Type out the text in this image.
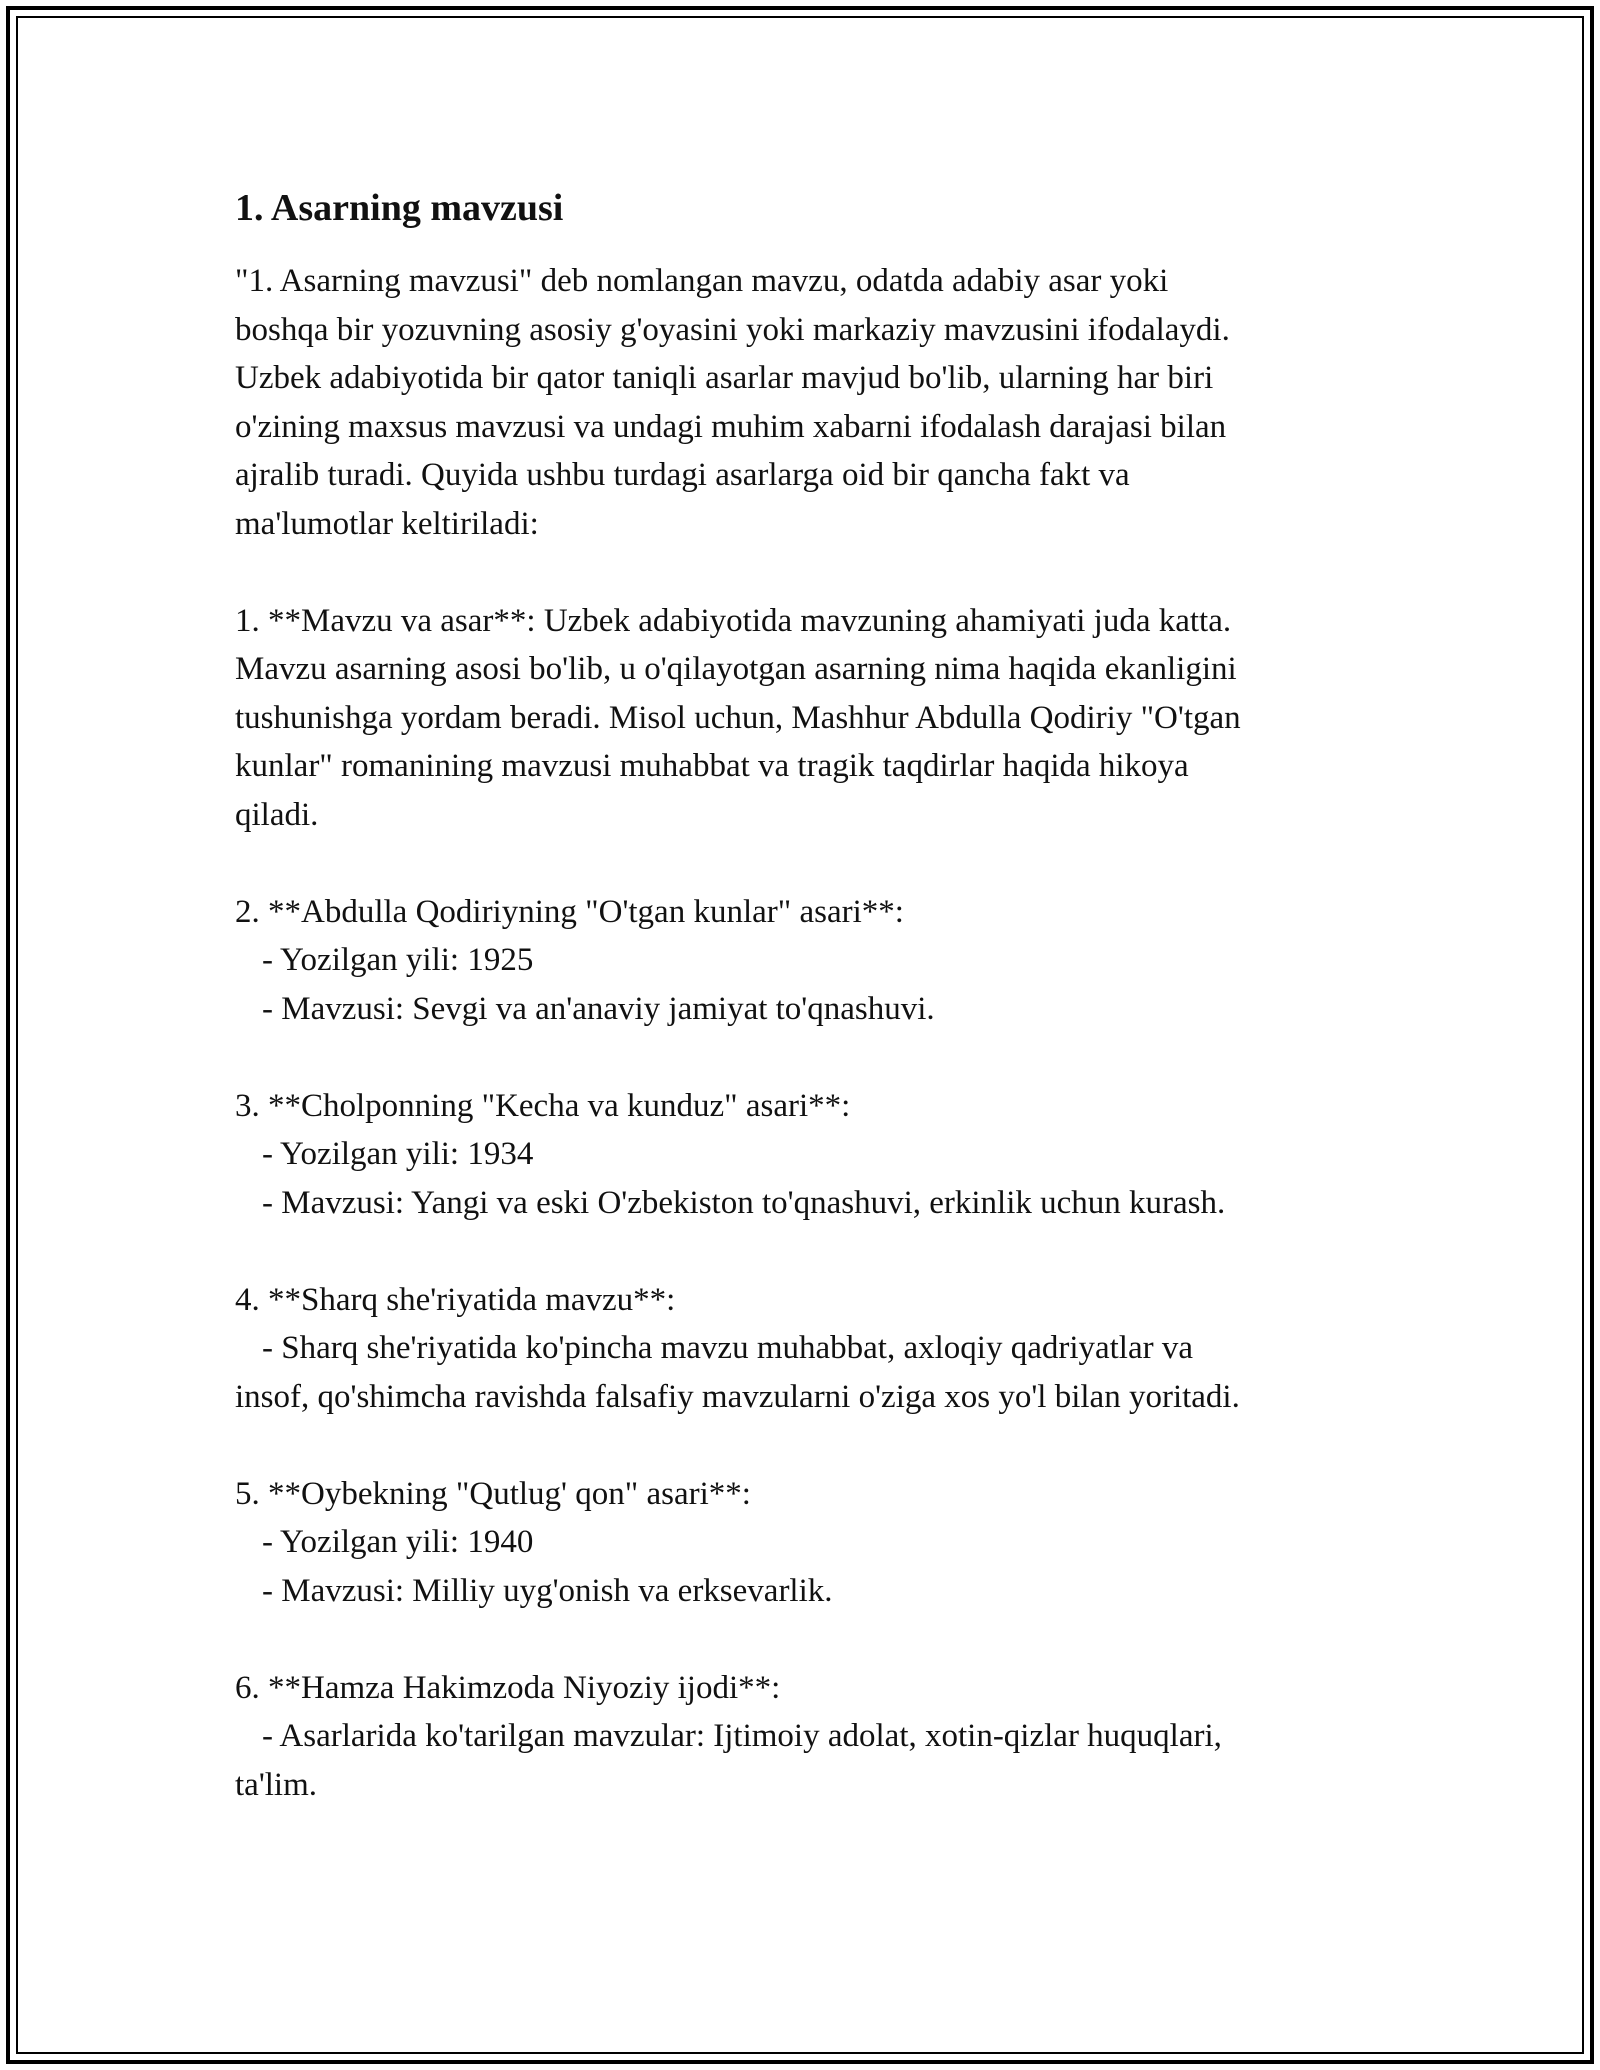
1. Asarning mavzusi

"1. Asarning mavzusi" deb nomlangan mavzu, odatda adabiy asar yoki

boshqa bir yozuvning asosiy g'oyasini yoki markaziy mavzusini ifodalaydi.

Uzbek adabiyotida bir qator taniqli asarlar mavjud bo'lib, ularning har biri

o'zining maxsus mavzusi va undagi muhim xabarni ifodalash darajasi bilan

ajralib turadi. Quyida ushbu turdagi asarlarga oid bir qancha fakt va

ma'lumotlar keltiriladi:

1. **Mavzu va asar**: Uzbek adabiyotida mavzuning ahamiyati juda katta.

Mavzu asarning asosi bo'lib, u o'qilayotgan asarning nima haqida ekanligini

tushunishga yordam beradi. Misol uchun, Mashhur Abdulla Qodiriy "O'tgan

kunlar" romanining mavzusi muhabbat va tragik taqdirlar haqida hikoya

qiladi.

2. **Abdulla Qodiriyning "O'tgan kunlar" asari**:

- Yozilgan yili: 1925

- Mavzusi: Sevgi va an'anaviy jamiyat to'qnashuvi.

3. **Cholponning "Kecha va kunduz" asari**:

- Yozilgan yili: 1934

- Mavzusi: Yangi va eski O'zbekiston to'qnashuvi, erkinlik uchun kurash.

4. **Sharq she'riyatida mavzu**:

- Sharq she'riyatida ko'pincha mavzu muhabbat, axloqiy qadriyatlar va

insof, qo'shimcha ravishda falsafiy mavzularni o'ziga xos yo'l bilan yoritadi.

5. **Oybekning "Qutlug' qon" asari**:

- Yozilgan yili: 1940

- Mavzusi: Milliy uyg'onish va erksevarlik.

6. **Hamza Hakimzoda Niyoziy ijodi**:

- Asarlarida ko'tarilgan mavzular: Ijtimoiy adolat, xotin-qizlar huquqlari,

ta'lim.
